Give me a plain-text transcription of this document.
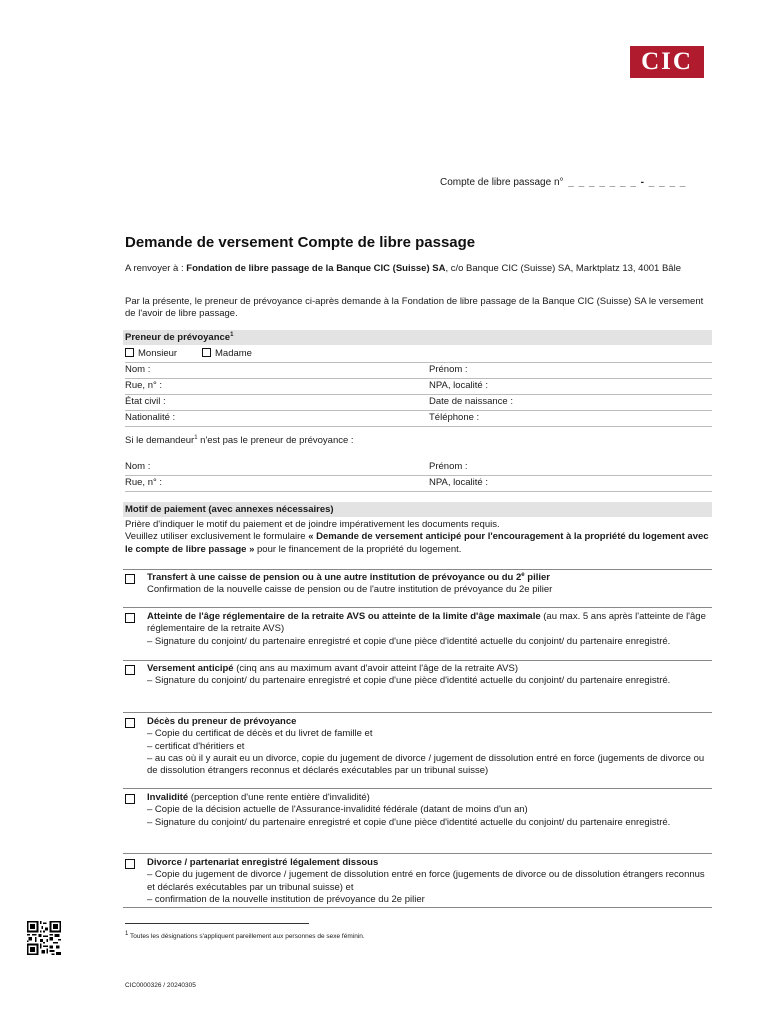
CIC
Compte de libre passage n° _ _ _ _ _ _ _ - _ _ _ _
Demande de versement Compte de libre passage
A renvoyer à : Fondation de libre passage de la Banque CIC (Suisse) SA, c/o Banque CIC (Suisse) SA, Marktplatz 13, 4001 Bâle
Par la présente, le preneur de prévoyance ci-après demande à la Fondation de libre passage de la Banque CIC (Suisse) SA le versement de l'avoir de libre passage.
Preneur de prévoyance$^1$
Monsieur	Madame
Nom :	Prénom :
Rue, n° :	NPA, localité :
État civil :	Date de naissance :
Nationalité :	Téléphone :
Si le demandeur$^1$ n'est pas le preneur de prévoyance :
Nom :	Prénom :
Rue, n° :	NPA, localité :
Motif de paiement (avec annexes nécessaires)
Prière d'indiquer le motif du paiement et de joindre impérativement les documents requis.
Veuillez utiliser exclusivement le formulaire « Demande de versement anticipé pour l'encouragement à la propriété du logement avec le compte de libre passage » pour le financement de la propriété du logement.
Transfert à une caisse de pension ou à une autre institution de prévoyance ou du 2e pilier
Confirmation de la nouvelle caisse de pension ou de l'autre institution de prévoyance du 2e pilier
Atteinte de l'âge réglementaire de la retraite AVS ou atteinte de la limite d'âge maximale (au max. 5 ans après l'atteinte de l'âge réglementaire de la retraite AVS)
– Signature du conjoint/ du partenaire enregistré et copie d'une pièce d'identité actuelle du conjoint/ du partenaire enregistré.
Versement anticipé (cinq ans au maximum avant d'avoir atteint l'âge de la retraite AVS)
– Signature du conjoint/ du partenaire enregistré et copie d'une pièce d'identité actuelle du conjoint/ du partenaire enregistré.
Décès du preneur de prévoyance
– Copie du certificat de décès et du livret de famille et
– certificat d'héritiers et
– au cas où il y aurait eu un divorce, copie du jugement de divorce / jugement de dissolution entré en force (jugements de divorce ou de dissolution étrangers reconnus et déclarés exécutables par un tribunal suisse)
Invalidité (perception d'une rente entière d'invalidité)
– Copie de la décision actuelle de l'Assurance-invalidité fédérale (datant de moins d'un an)
– Signature du conjoint/ du partenaire enregistré et copie d'une pièce d'identité actuelle du conjoint/ du partenaire enregistré.
Divorce / partenariat enregistré légalement dissous
– Copie du jugement de divorce / jugement de dissolution entré en force (jugements de divorce ou de dissolution étrangers reconnus et déclarés exécutables par un tribunal suisse) et
– confirmation de la nouvelle institution de prévoyance du 2e pilier
$^1$ Toutes les désignations s'appliquent pareillement aux personnes de sexe féminin.
CIC0000326 / 20240305
